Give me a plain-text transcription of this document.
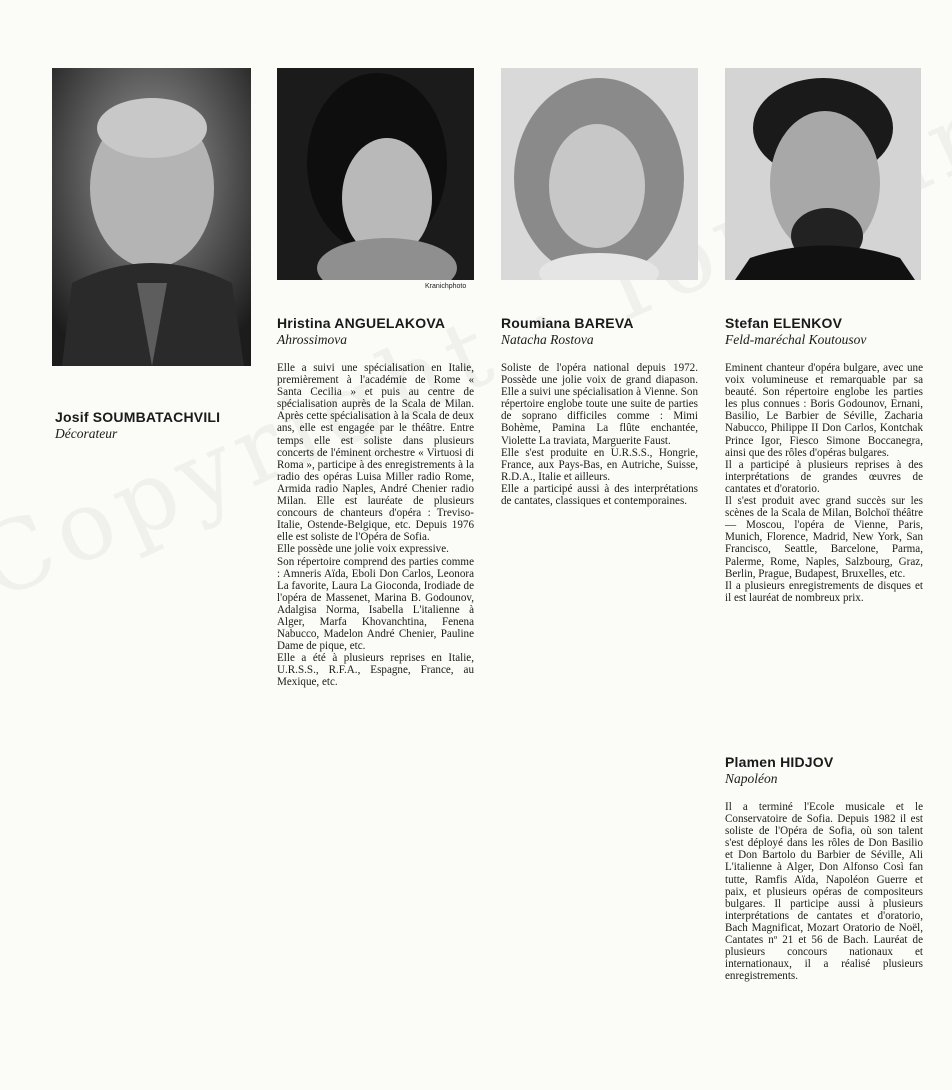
Kranichphoto
Josif SOUMBATACHVILI
Décorateur
Hristina ANGUELAKOVA
Ahrossimova

Elle a suivi une spécialisation en Italie, premièrement à l'académie de Rome « Santa Cecilia » et puis au centre de spécialisation auprès de la Scala de Milan. Après cette spécialisation à la Scala de deux ans, elle est engagée par le théâtre. Entre temps elle est soliste dans plusieurs concerts de l'éminent orchestre « Virtuosi di Roma », participe à des enregistrements à la radio des opéras Luisa Miller radio Rome, Armida radio Naples, André Chenier radio Milan. Elle est lauréate de plusieurs concours de chanteurs d'opéra : Treviso-Italie, Ostende-Belgique, etc. Depuis 1976 elle est soliste de l'Opéra de Sofia.

Elle possède une jolie voix expressive.

Son répertoire comprend des parties comme : Amneris Aïda, Eboli Don Carlos, Leonora La favorite, Laura La Gioconda, Irodiade de l'opéra de Massenet, Marina B. Godounov, Adalgisa Norma, Isabella L'italienne à Alger, Marfa Khovanchtina, Fenena Nabucco, Madelon André Chenier, Pauline Dame de pique, etc.

Elle a été à plusieurs reprises en Italie, U.R.S.S., R.F.A., Espagne, France, au Mexique, etc.

Roumiana BAREVA
Natacha Rostova

Soliste de l'opéra national depuis 1972. Possède une jolie voix de grand diapason. Elle a suivi une spécialisation à Vienne. Son répertoire englobe toute une suite de parties de soprano difficiles comme : Mimi Bohème, Pamina La flûte enchantée, Violette La traviata, Marguerite Faust.

Elle s'est produite en U.R.S.S., Hongrie, France, aux Pays-Bas, en Autriche, Suisse, R.D.A., Italie et ailleurs.

Elle a participé aussi à des interprétations de cantates, classiques et contemporaines.

Stefan ELENKOV
Feld-maréchal Koutousov

Eminent chanteur d'opéra bulgare, avec une voix volumineuse et remarquable par sa beauté. Son répertoire englobe les parties les plus connues : Boris Godounov, Ernani, Basilio, Le Barbier de Séville, Zacharia Nabucco, Philippe II Don Carlos, Kontchak Prince Igor, Fiesco Simone Boccanegra, ainsi que des rôles d'opéras bulgares.

Il a participé à plusieurs reprises à des interprétations de grandes œuvres de cantates et d'oratorio.

Il s'est produit avec grand succès sur les scènes de la Scala de Milan, Bolchoï théâtre — Moscou, l'opéra de Vienne, Paris, Munich, Florence, Madrid, New York, San Francisco, Seattle, Barcelone, Parma, Palerme, Rome, Naples, Salzbourg, Graz, Berlin, Prague, Budapest, Bruxelles, etc.

Il a plusieurs enregistrements de disques et il est lauréat de nombreux prix.

Plamen HIDJOV
Napoléon

Il a terminé l'Ecole musicale et le Conservatoire de Sofia. Depuis 1982 il est soliste de l'Opéra de Sofia, où son talent s'est déployé dans les rôles de Don Basilio et Don Bartolo du Barbier de Séville, Ali L'italienne à Alger, Don Alfonso Così fan tutte, Ramfis Aïda, Napoléon Guerre et paix, et plusieurs opéras de compositeurs bulgares. Il participe aussi à plusieurs interprétations de cantates et d'oratorio, Bach Magnificat, Mozart Oratorio de Noël, Cantates nº 21 et 56 de Bach. Lauréat de plusieurs concours nationaux et internationaux, il a réalisé plusieurs enregistrements.
